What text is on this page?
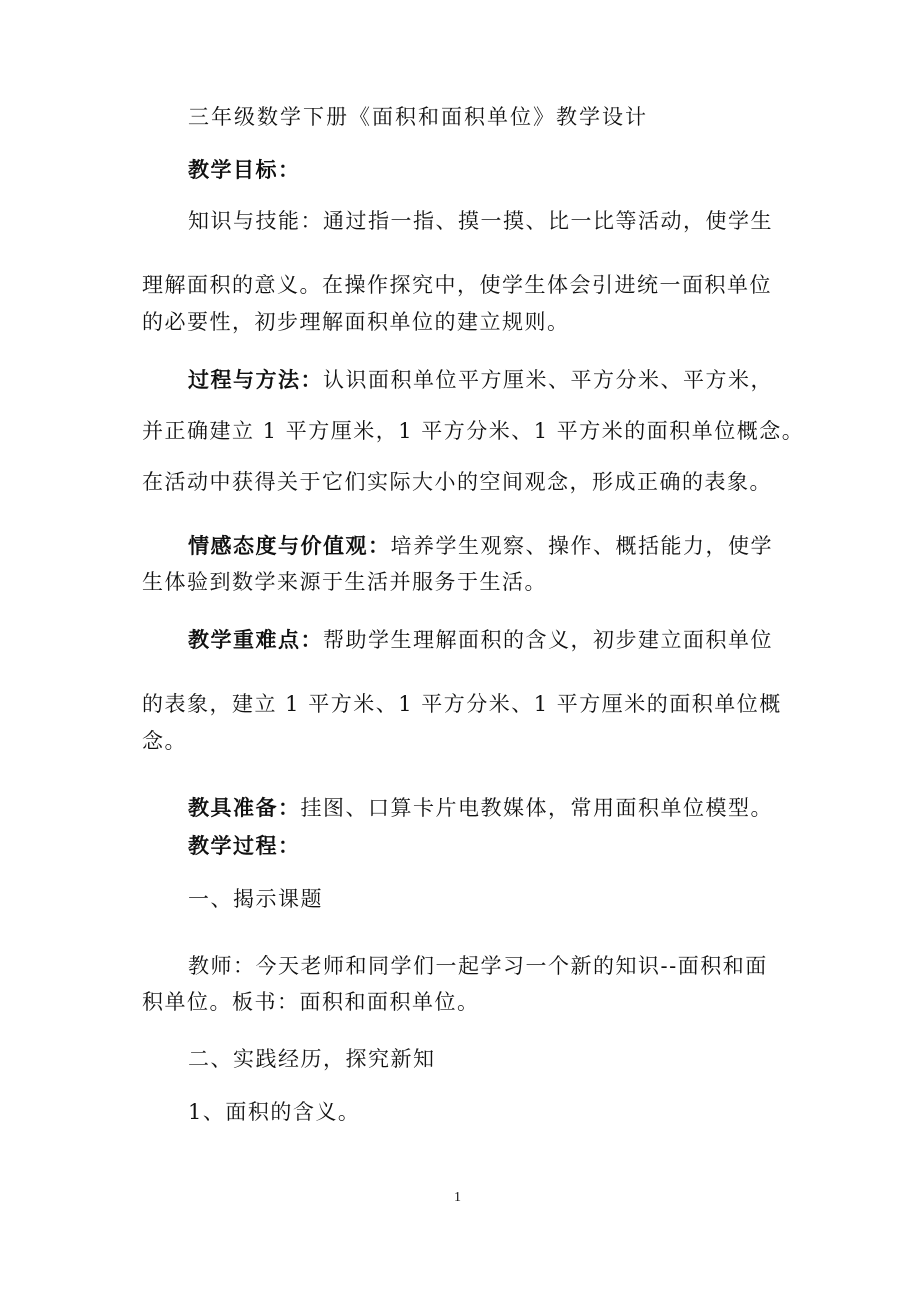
三年级数学下册《面积和面积单位》教学设计
教学目标：
知识与技能：通过指一指、摸一摸、比一比等活动，使学生
理解面积的意义。在操作探究中，使学生体会引进统一面积单位
的必要性，初步理解面积单位的建立规则。
过程与方法：认识面积单位平方厘米、平方分米、平方米，
并正确建立 1 平方厘米，1 平方分米、1 平方米的面积单位概念。
在活动中获得关于它们实际大小的空间观念，形成正确的表象。
情感态度与价值观：培养学生观察、操作、概括能力，使学
生体验到数学来源于生活并服务于生活。
教学重难点：帮助学生理解面积的含义，初步建立面积单位
的表象，建立 1 平方米、1 平方分米、1 平方厘米的面积单位概
念。
教具准备：挂图、口算卡片电教媒体，常用面积单位模型。
教学过程：
一、揭示课题
教师：今天老师和同学们一起学习一个新的知识--面积和面
积单位。板书：面积和面积单位。
二、实践经历，探究新知
1、面积的含义。
1
